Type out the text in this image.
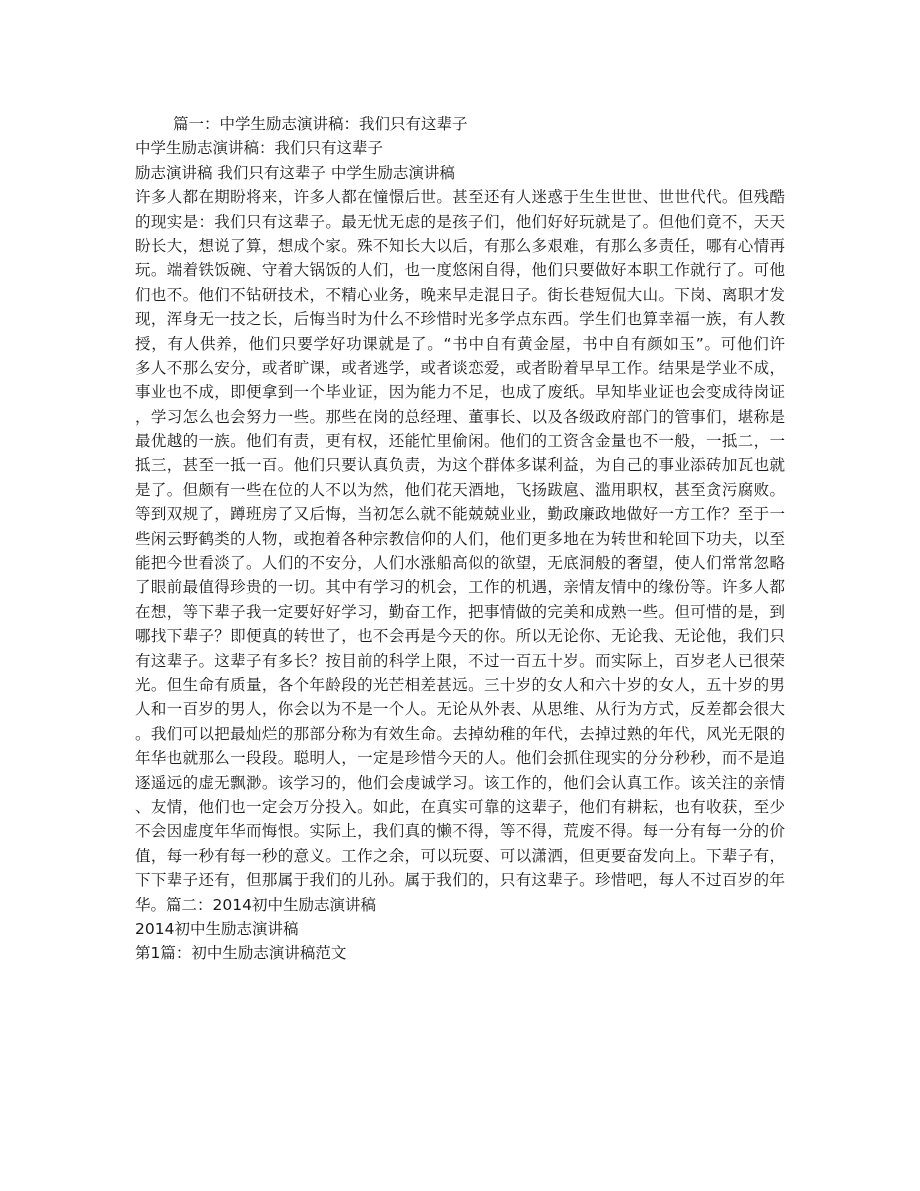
篇一：中学生励志演讲稿：我们只有这辈子
中学生励志演讲稿：我们只有这辈子
励志演讲稿 我们只有这辈子 中学生励志演讲稿
许多人都在期盼将来，许多人都在憧憬后世。甚至还有人迷惑于生生世世、世世代代。但残酷
的现实是：我们只有这辈子。最无忧无虑的是孩子们，他们好好玩就是了。但他们竟不，天天
盼长大，想说了算，想成个家。殊不知长大以后，有那么多艰难，有那么多责任，哪有心情再
玩。端着铁饭碗、守着大锅饭的人们，也一度悠闲自得，他们只要做好本职工作就行了。可他
们也不。他们不钻研技术，不精心业务，晚来早走混日子。街长巷短侃大山。下岗、离职才发
现，浑身无一技之长，后悔当时为什么不珍惜时光多学点东西。学生们也算幸福一族，有人教
授，有人供养，他们只要学好功课就是了。“书中自有黄金屋，书中自有颜如玉”。可他们许
多人不那么安分，或者旷课，或者逃学，或者谈恋爱，或者盼着早早工作。结果是学业不成，
事业也不成，即便拿到一个毕业证，因为能力不足，也成了废纸。早知毕业证也会变成待岗证
，学习怎么也会努力一些。那些在岗的总经理、董事长、以及各级政府部门的管事们，堪称是
最优越的一族。他们有责，更有权，还能忙里偷闲。他们的工资含金量也不一般，一抵二，一
抵三，甚至一抵一百。他们只要认真负责，为这个群体多谋利益，为自己的事业添砖加瓦也就
是了。但颇有一些在位的人不以为然，他们花天酒地，飞扬跋扈、滥用职权，甚至贪污腐败。
等到双规了，蹲班房了又后悔，当初怎么就不能兢兢业业，勤政廉政地做好一方工作？至于一
些闲云野鹤类的人物，或抱着各种宗教信仰的人们，他们更多地在为转世和轮回下功夫，以至
能把今世看淡了。人们的不安分，人们水涨船高似的欲望，无底洞般的奢望，使人们常常忽略
了眼前最值得珍贵的一切。其中有学习的机会，工作的机遇，亲情友情中的缘份等。许多人都
在想，等下辈子我一定要好好学习，勤奋工作，把事情做的完美和成熟一些。但可惜的是，到
哪找下辈子？即便真的转世了，也不会再是今天的你。所以无论你、无论我、无论他，我们只
有这辈子。这辈子有多长？按目前的科学上限，不过一百五十岁。而实际上，百岁老人已很荣
光。但生命有质量，各个年龄段的光芒相差甚远。三十岁的女人和六十岁的女人，五十岁的男
人和一百岁的男人，你会以为不是一个人。无论从外表、从思维、从行为方式，反差都会很大
。我们可以把最灿烂的那部分称为有效生命。去掉幼稚的年代，去掉过熟的年代，风光无限的
年华也就那么一段段。聪明人，一定是珍惜今天的人。他们会抓住现实的分分秒秒，而不是追
逐遥远的虚无飘渺。该学习的，他们会虔诚学习。该工作的，他们会认真工作。该关注的亲情
、友情，他们也一定会万分投入。如此，在真实可靠的这辈子，他们有耕耘，也有收获，至少
不会因虚度年华而悔恨。实际上，我们真的懒不得，等不得，荒废不得。每一分有每一分的价
值，每一秒有每一秒的意义。工作之余，可以玩耍、可以潇洒，但更要奋发向上。下辈子有，
下下辈子还有，但那属于我们的儿孙。属于我们的，只有这辈子。珍惜吧，每人不过百岁的年
华。篇二：2014初中生励志演讲稿
2014初中生励志演讲稿
第1篇：初中生励志演讲稿范文
